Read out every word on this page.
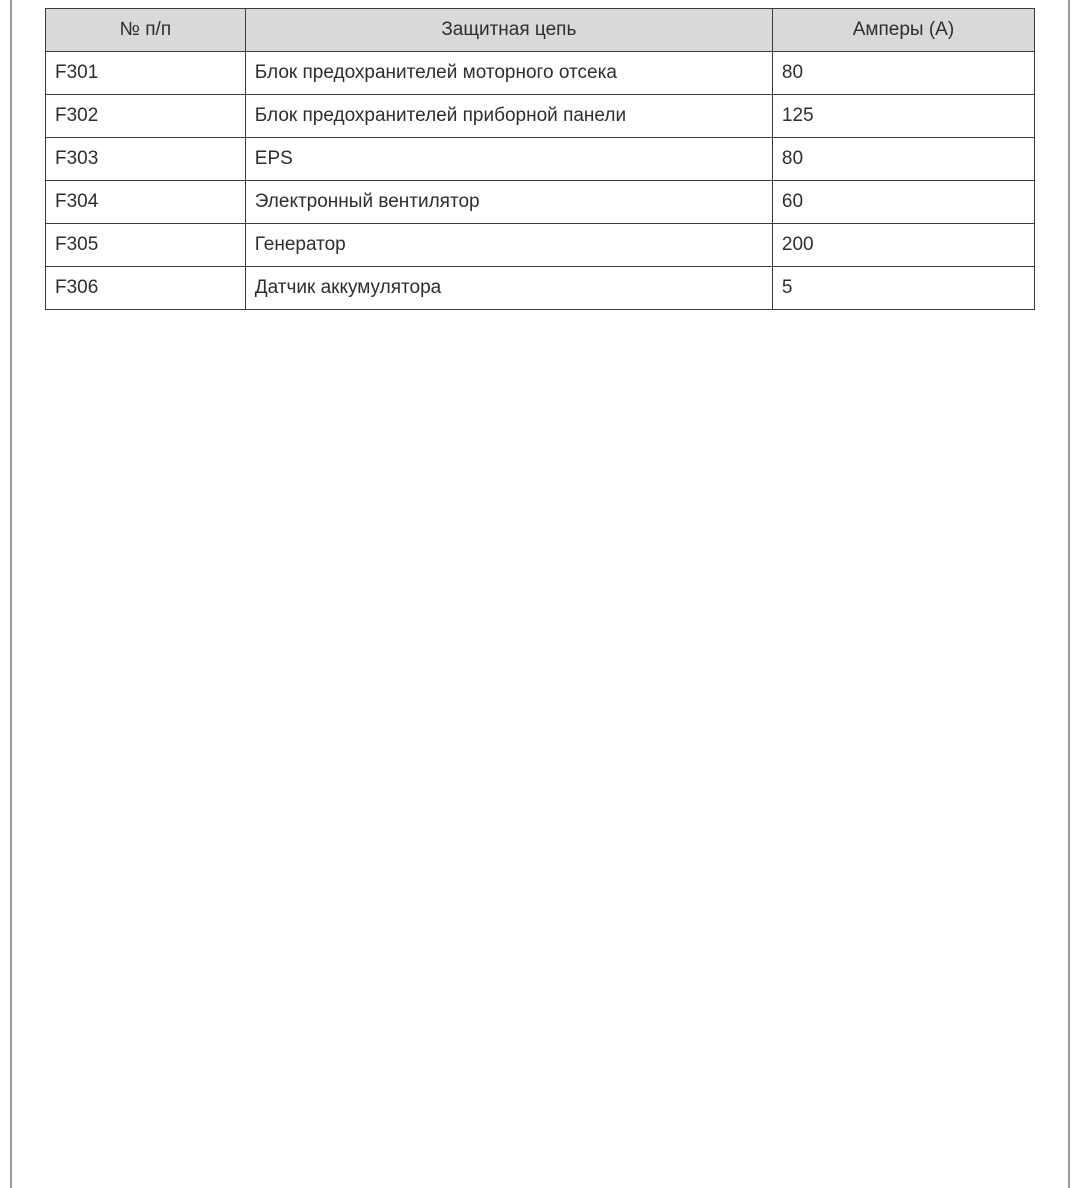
№ п/п	Защитная цепь	Амперы (А)
F301	Блок предохранителей моторного отсека	80
F302	Блок предохранителей приборной панели	125
F303	EPS	80
F304	Электронный вентилятор	60
F305	Генератор	200
F306	Датчик аккумулятора	5
